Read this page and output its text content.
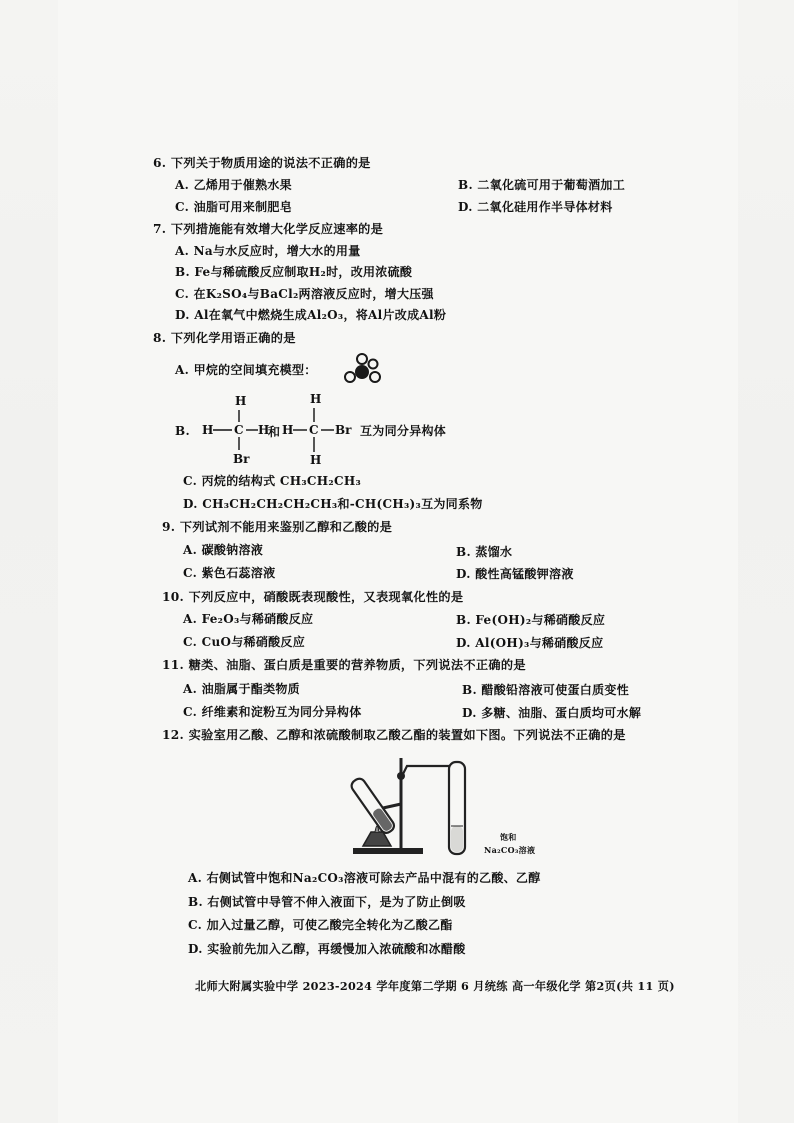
6. 下列关于物质用途的说法不正确的是
A. 乙烯用于催熟水果	B. 二氧化硫可用于葡萄酒加工
C. 油脂可用来制肥皂	D. 二氧化硅用作半导体材料
7. 下列措施能有效增大化学反应速率的是
A. Na与水反应时，增大水的用量
B. Fe与稀硫酸反应制取H₂时，改用浓硫酸
C. 在K₂SO₄与BaCl₂两溶液反应时，增大压强
D. Al在氧气中燃烧生成Al₂O₃，将Al片改成Al粉
8. 下列化学用语正确的是
A. 甲烷的空间填充模型：
B.
H
H C H
Br
和
H
H C Br
H
互为同分异构体
C. 丙烷的结构式 CH₃CH₂CH₃
D. CH₃CH₂CH₂CH₂CH₃和-CH(CH₃)₃互为同系物
9. 下列试剂不能用来鉴别乙醇和乙酸的是
A. 碳酸钠溶液	B. 蒸馏水
C. 紫色石蕊溶液	D. 酸性高锰酸钾溶液
10. 下列反应中，硝酸既表现酸性，又表现氧化性的是
A. Fe₂O₃与稀硝酸反应	B. Fe(OH)₂与稀硝酸反应
C. CuO与稀硝酸反应	D. Al(OH)₃与稀硝酸反应
11. 糖类、油脂、蛋白质是重要的营养物质，下列说法不正确的是
A. 油脂属于酯类物质	B. 醋酸铅溶液可使蛋白质变性
C. 纤维素和淀粉互为同分异构体	D. 多糖、油脂、蛋白质均可水解
12. 实验室用乙酸、乙醇和浓硫酸制取乙酸乙酯的装置如下图。下列说法不正确的是
饱和
Na₂CO₃溶液
A. 右侧试管中饱和Na₂CO₃溶液可除去产品中混有的乙酸、乙醇
B. 右侧试管中导管不伸入液面下，是为了防止倒吸
C. 加入过量乙醇，可使乙酸完全转化为乙酸乙酯
D. 实验前先加入乙醇，再缓慢加入浓硫酸和冰醋酸
北师大附属实验中学 2023-2024 学年度第二学期 6 月统练 高一年级化学 第2页(共 11 页)
